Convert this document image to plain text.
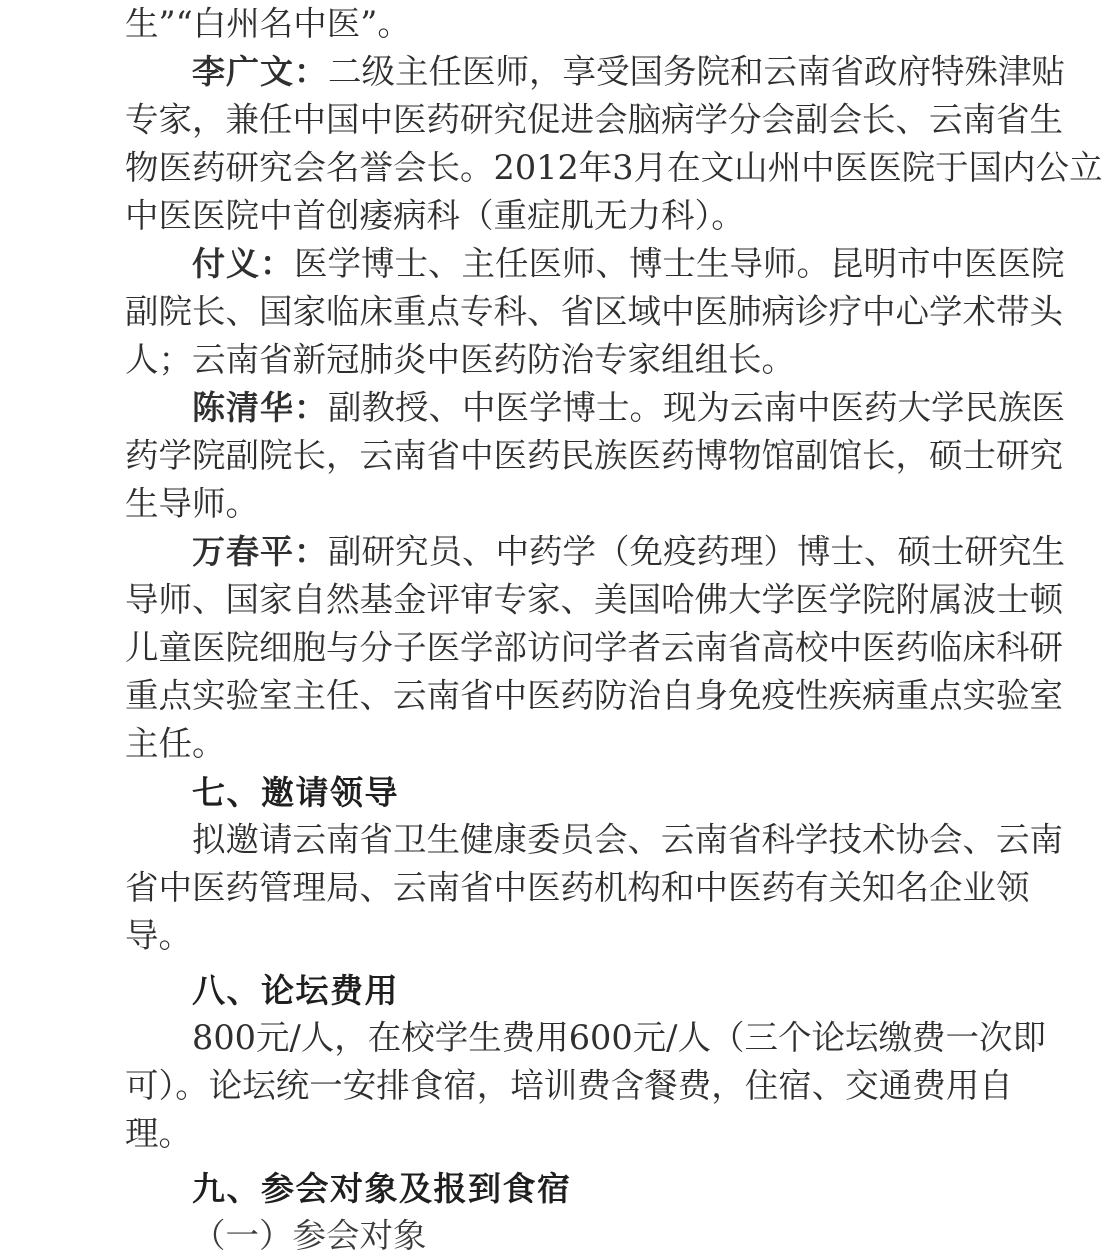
生”“白州名中医”。
李广文： 二级主任医师，享受国务院和云南省政府特殊津贴
专家，兼任中国中医药研究促进会脑病学分会副会长、云南省生
物医药研究会名誉会长。2012年3月在文山州中医医院于国内公立
中医医院中首创痿病科（重症肌无力科）。
付义： 医学博士、主任医师、博士生导师。昆明市中医医院
副院长、国家临床重点专科、省区域中医肺病诊疗中心学术带头
人；云南省新冠肺炎中医药防治专家组组长。
陈清华： 副教授、中医学博士。现为云南中医药大学民族医
药学院副院长，云南省中医药民族医药博物馆副馆长，硕士研究
生导师。
万春平： 副研究员、中药学（免疫药理）博士、硕士研究生
导师、国家自然基金评审专家、美国哈佛大学医学院附属波士顿
儿童医院细胞与分子医学部访问学者云南省高校中医药临床科研
重点实验室主任、云南省中医药防治自身免疫性疾病重点实验室
主任。
七、邀请领导
拟邀请云南省卫生健康委员会、云南省科学技术协会、云南
省中医药管理局、云南省中医药机构和中医药有关知名企业领
导。
八、论坛费用
800元/人，在校学生费用600元/人（三个论坛缴费一次即
可）。论坛统一安排食宿，培训费含餐费，住宿、交通费用自
理。
九、参会对象及报到食宿
（一）参会对象
